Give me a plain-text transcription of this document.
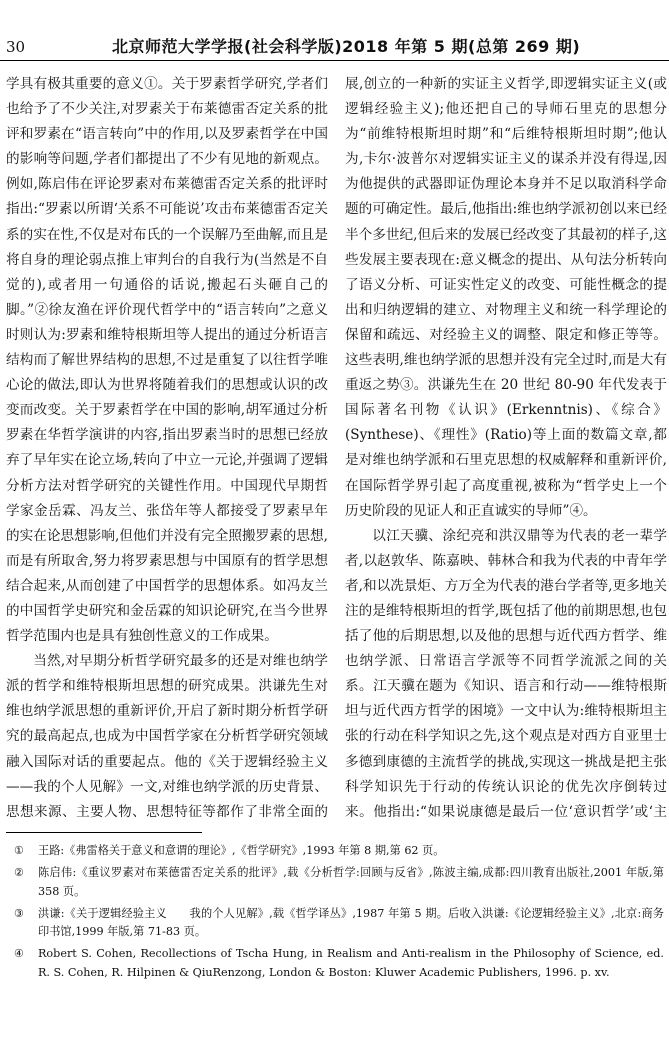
30	北京师范大学学报(社会科学版)2018 年第 5 期(总第 269 期)

学具有极其重要的意义①。关于罗素哲学研究,学者们也给予了不少关注,对罗素关于布莱德雷否定关系的批评和罗素在“语言转向”中的作用,以及罗素哲学在中国的影响等问题,学者们都提出了不少有见地的新观点。例如,陈启伟在评论罗素对布莱德雷否定关系的批评时指出:“罗素以所谓‘关系不可能说’攻击布莱德雷否定关系的实在性,不仅是对布氏的一个误解乃至曲解,而且是将自身的理论弱点推上审判台的自我行为(当然是不自觉的),或者用一句通俗的话说,搬起石头砸自己的脚。”②徐友渔在评价现代哲学中的“语言转向”之意义时则认为:罗素和维特根斯坦等人提出的通过分析语言结构而了解世界结构的思想,不过是重复了以往哲学唯心论的做法,即认为世界将随着我们的思想或认识的改变而改变。关于罗素哲学在中国的影响,胡军通过分析罗素在华哲学演讲的内容,指出罗素当时的思想已经放弃了早年实在论立场,转向了中立一元论,并强调了逻辑分析方法对哲学研究的关键性作用。中国现代早期哲学家金岳霖、冯友兰、张岱年等人都接受了罗素早年的实在论思想影响,但他们并没有完全照搬罗素的思想,而是有所取舍,努力将罗素思想与中国原有的哲学思想结合起来,从而创建了中国哲学的思想体系。如冯友兰的中国哲学史研究和金岳霖的知识论研究,在当今世界哲学范围内也是具有独创性意义的工作成果。

当然,对早期分析哲学研究最多的还是对维也纳学派的哲学和维特根斯坦思想的研究成果。洪谦先生对维也纳学派思想的重新评价,开启了新时期分析哲学研究的最高起点,也成为中国哲学家在分析哲学研究领域融入国际对话的重要起点。他的《关于逻辑经验主义——我的个人见解》一文,对维也纳学派的历史背景、思想来源、主要人物、思想特征等都作了非常全面的

展,创立的一种新的实证主义哲学,即逻辑实证主义(或逻辑经验主义);他还把自己的导师石里克的思想分为“前维特根斯坦时期”和“后维特根斯坦时期”;他认为,卡尔·波普尔对逻辑实证主义的谋杀并没有得逞,因为他提供的武器即证伪理论本身并不足以取消科学命题的可确定性。最后,他指出:维也纳学派初创以来已经半个多世纪,但后来的发展已经改变了其最初的样子,这些发展主要表现在:意义概念的提出、从句法分析转向了语义分析、可证实性定义的改变、可能性概念的提出和归纳逻辑的建立、对物理主义和统一科学理论的保留和疏远、对经验主义的调整、限定和修正等等。这些表明,维也纳学派的思想并没有完全过时,而是大有重返之势③。洪谦先生在 20 世纪 80-90 年代发表于国际著名刊物《认识》(Erkenntnis)、《综合》(Synthese)、《理性》(Ratio)等上面的数篇文章,都是对维也纳学派和石里克思想的权威解释和重新评价,在国际哲学界引起了高度重视,被称为“哲学史上一个历史阶段的见证人和正直诚实的导师”④。

以江天骥、涂纪亮和洪汉鼎等为代表的老一辈学者,以赵敦华、陈嘉映、韩林合和我为代表的中青年学者,和以冼景炬、方万全为代表的港台学者等,更多地关注的是维特根斯坦的哲学,既包括了他的前期思想,也包括了他的后期思想,以及他的思想与近代西方哲学、维也纳学派、日常语言学派等不同哲学流派之间的关系。江天骥在题为《知识、语言和行动——维特根斯坦与近代西方哲学的困境》一文中认为:维特根斯坦主张的行动在科学知识之先,这个观点是对西方自亚里士多德到康德的主流哲学的挑战,实现这一挑战是把主张科学知识先于行动的传统认识论的优先次序倒转过来。他指出:“如果说康德是最后一位‘意识哲学’或‘主

① 王路:《弗雷格关于意义和意谓的理论》,《哲学研究》,1993 年第 8 期,第 62 页。
② 陈启伟:《重议罗素对布莱德雷否定关系的批评》,载《分析哲学:回顾与反省》,陈波主编,成都:四川教育出版社,2001 年版,第 358 页。
③ 洪谦:《关于逻辑经验主义　　我的个人见解》,载《哲学译丛》,1987 年第 5 期。后收入洪谦:《论逻辑经验主义》,北京:商务印书馆,1999 年版,第 71-83 页。
④ Robert S. Cohen, Recollections of Tscha Hung, in Realism and Anti-realism in the Philosophy of Science, ed. R. S. Cohen, R. Hilpinen & QiuRenzong, London & Boston: Kluwer Academic Publishers, 1996. p. xv.
